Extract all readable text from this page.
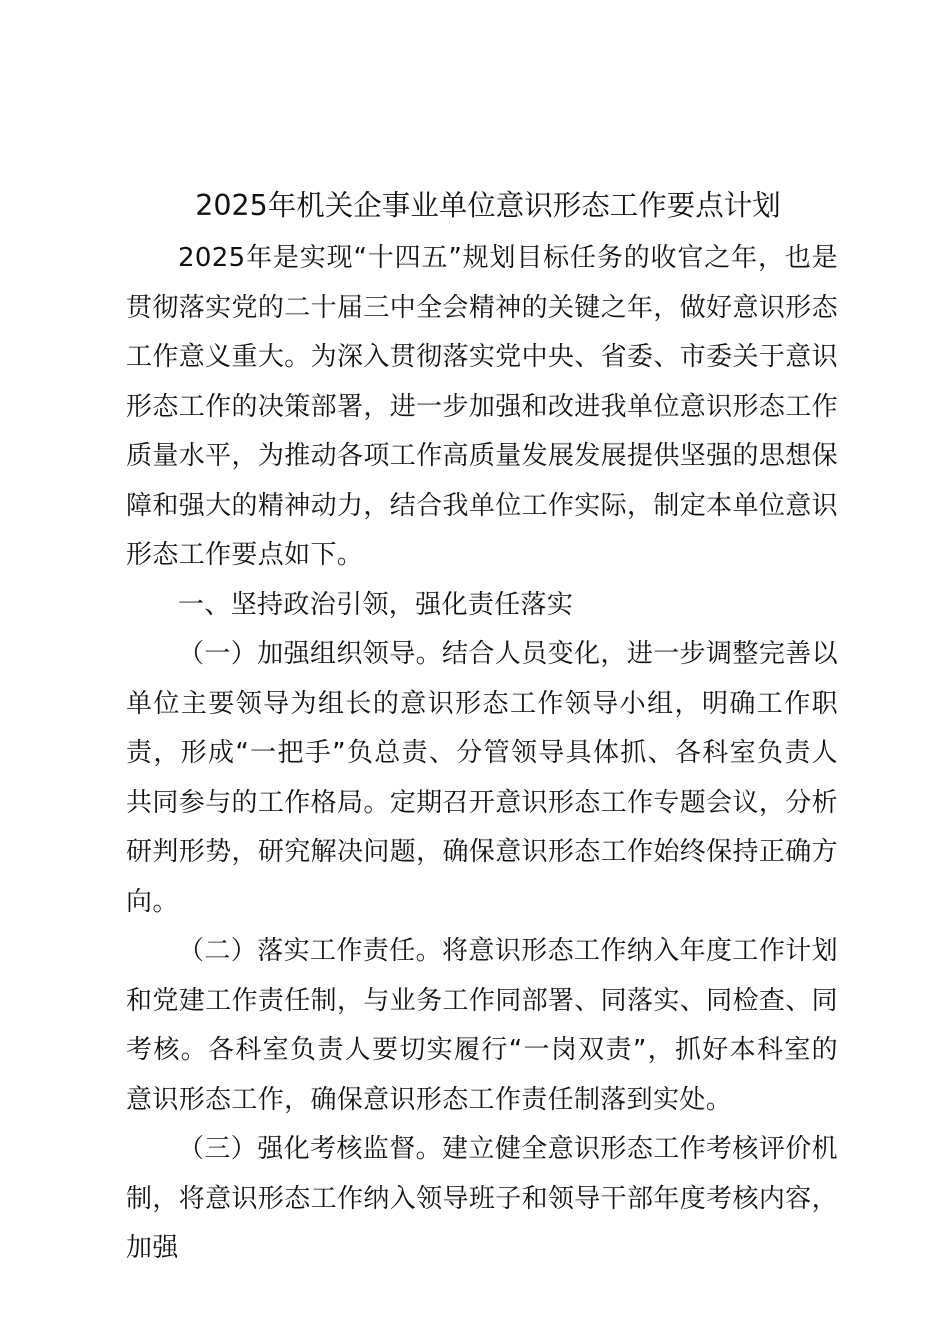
2025年机关企事业单位意识形态工作要点计划

2025年是实现“十四五”规划目标任务的收官之年，也是贯彻落实党的二十届三中全会精神的关键之年，做好意识形态工作意义重大。为深入贯彻落实党中央、省委、市委关于意识形态工作的决策部署，进一步加强和改进我单位意识形态工作质量水平，为推动各项工作高质量发展发展提供坚强的思想保障和强大的精神动力，结合我单位工作实际，制定本单位意识形态工作要点如下。

一、坚持政治引领，强化责任落实

（一）加强组织领导。结合人员变化，进一步调整完善以单位主要领导为组长的意识形态工作领导小组，明确工作职责，形成“一把手”负总责、分管领导具体抓、各科室负责人共同参与的工作格局。定期召开意识形态工作专题会议，分析研判形势，研究解决问题，确保意识形态工作始终保持正确方向。

（二）落实工作责任。将意识形态工作纳入年度工作计划和党建工作责任制，与业务工作同部署、同落实、同检查、同考核。各科室负责人要切实履行“一岗双责”，抓好本科室的意识形态工作，确保意识形态工作责任制落到实处。

（三）强化考核监督。建立健全意识形态工作考核评价机制，将意识形态工作纳入领导班子和领导干部年度考核内容，加强
